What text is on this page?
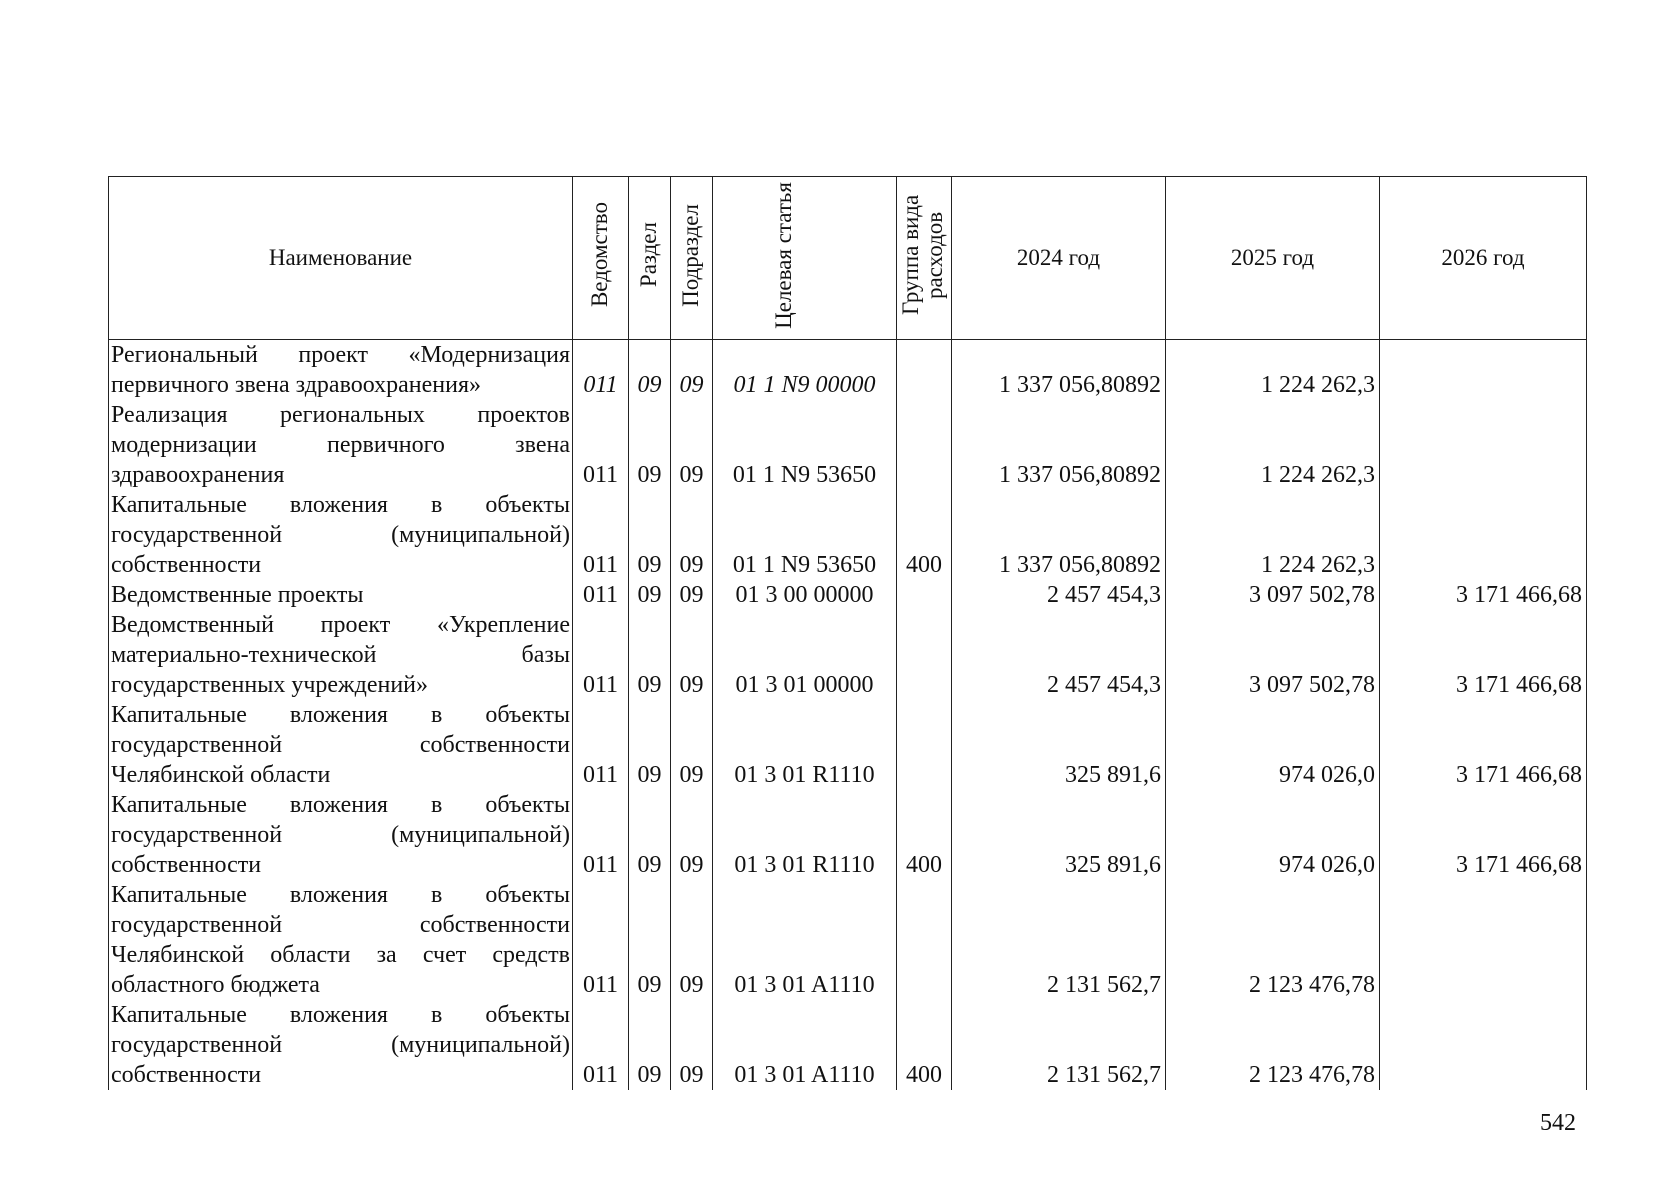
Наименование	Ведомство	Раздел	Подраздел	Целевая статья	Группа вида расходов	2024 год	2025 год	2026 год
Региональный проект «Модернизация первичного звена здравоохранения»	011	09	09	01 1 N9 00000		1 337 056,80892	1 224 262,3	
Реализация региональных проектов модернизации первичного звена здравоохранения	011	09	09	01 1 N9 53650		1 337 056,80892	1 224 262,3	
Капитальные вложения в объекты государственной (муниципальной) собственности	011	09	09	01 1 N9 53650	400	1 337 056,80892	1 224 262,3	
Ведомственные проекты	011	09	09	01 3 00 00000		2 457 454,3	3 097 502,78	3 171 466,68
Ведомственный проект «Укрепление материально-технической базы государственных учреждений»	011	09	09	01 3 01 00000		2 457 454,3	3 097 502,78	3 171 466,68
Капитальные вложения в объекты государственной собственности Челябинской области	011	09	09	01 3 01 R1110		325 891,6	974 026,0	3 171 466,68
Капитальные вложения в объекты государственной (муниципальной) собственности	011	09	09	01 3 01 R1110	400	325 891,6	974 026,0	3 171 466,68
Капитальные вложения в объекты государственной собственности Челябинской области за счет средств областного бюджета	011	09	09	01 3 01 A1110		2 131 562,7	2 123 476,78	
Капитальные вложения в объекты государственной (муниципальной) собственности	011	09	09	01 3 01 A1110	400	2 131 562,7	2 123 476,78	
542
